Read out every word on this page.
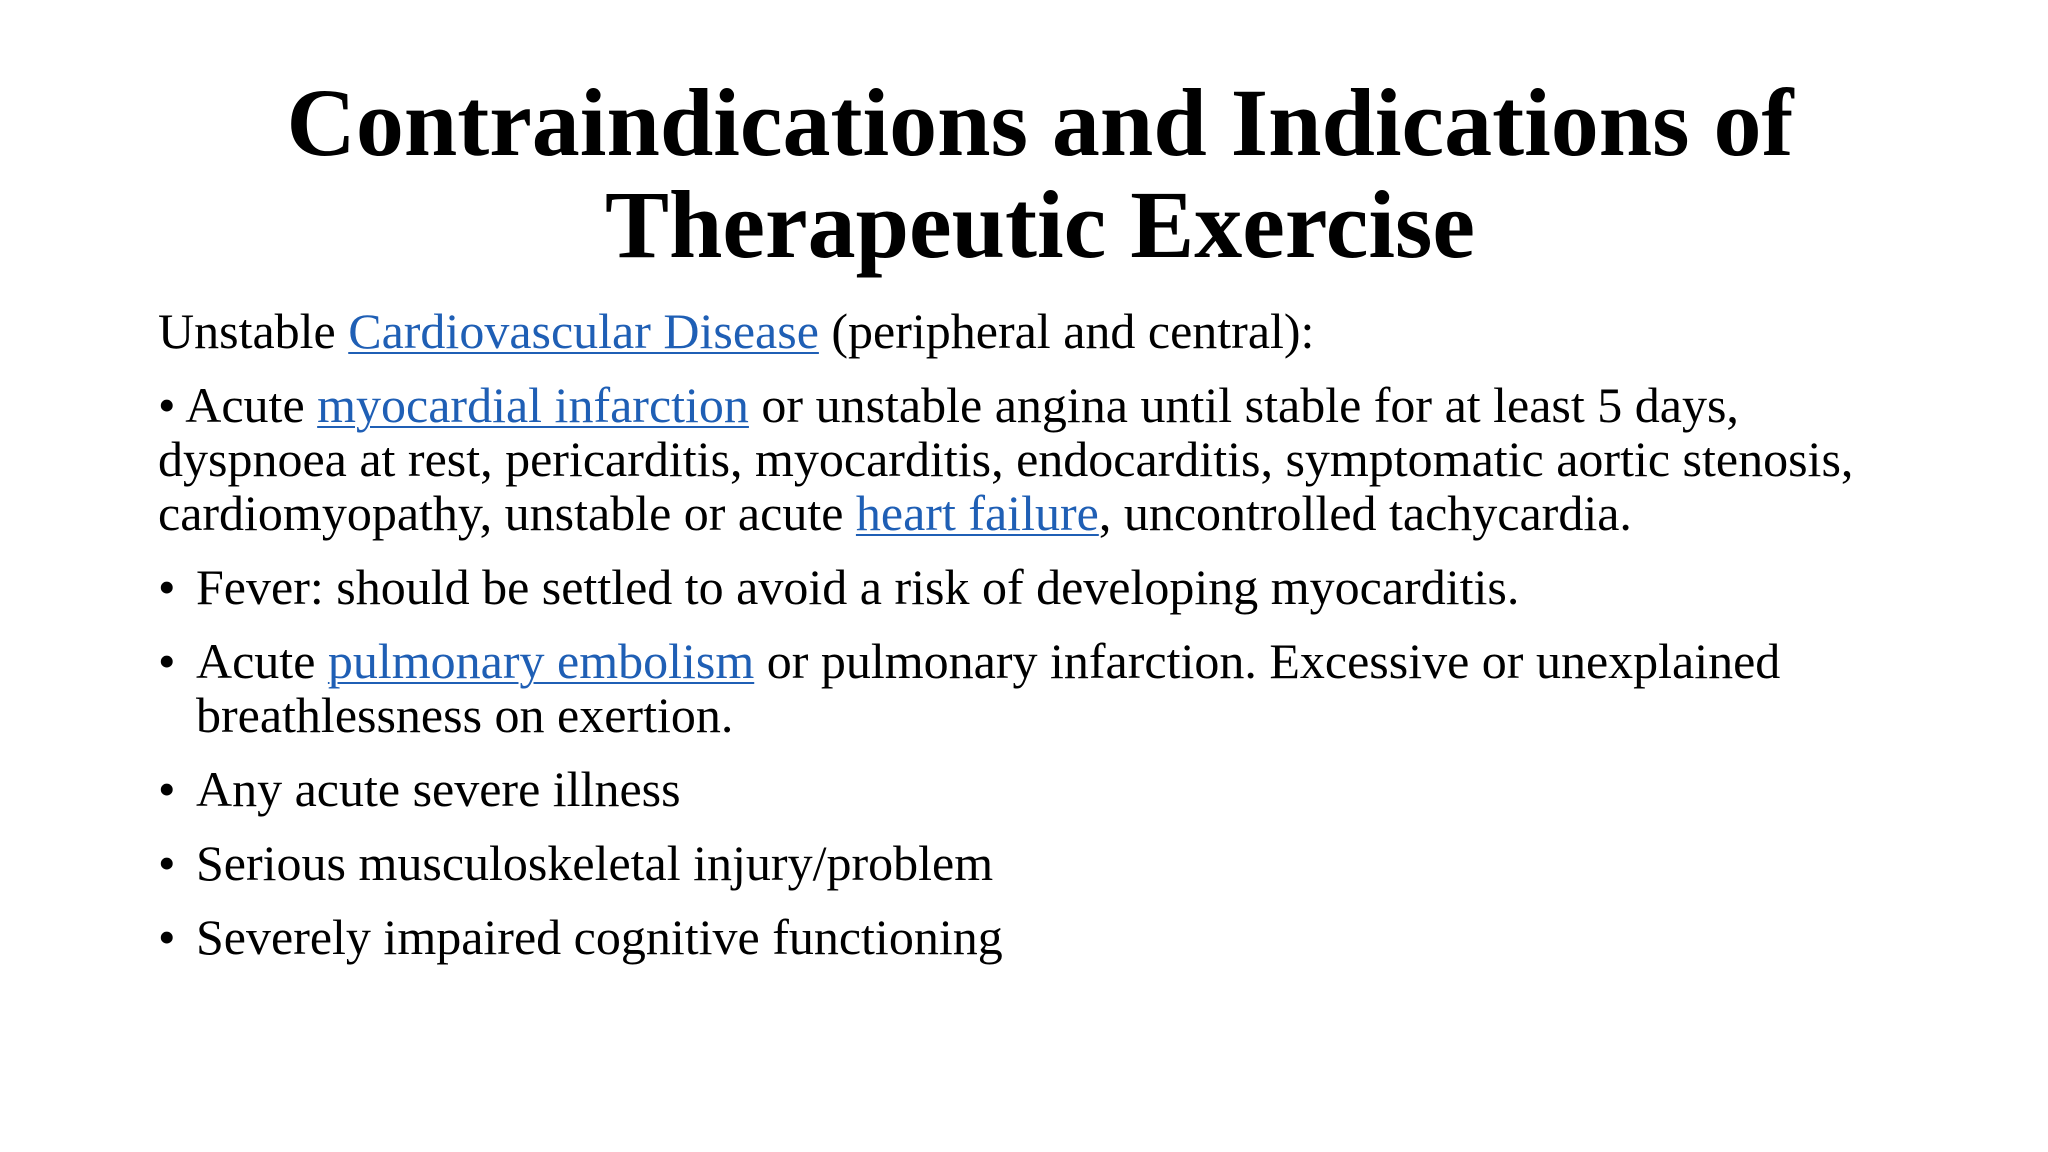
Contraindications and Indications of
Therapeutic Exercise

Unstable Cardiovascular Disease (peripheral and central):

• Acute myocardial infarction or unstable angina until stable for at least 5 days, dyspnoea at rest, pericarditis, myocarditis, endocarditis, symptomatic aortic stenosis, cardiomyopathy, unstable or acute heart failure, uncontrolled tachycardia.

• Fever: should be settled to avoid a risk of developing myocarditis.
• Acute pulmonary embolism or pulmonary infarction. Excessive or unexplained breathlessness on exertion.
• Any acute severe illness
• Serious musculoskeletal injury/problem
• Severely impaired cognitive functioning
